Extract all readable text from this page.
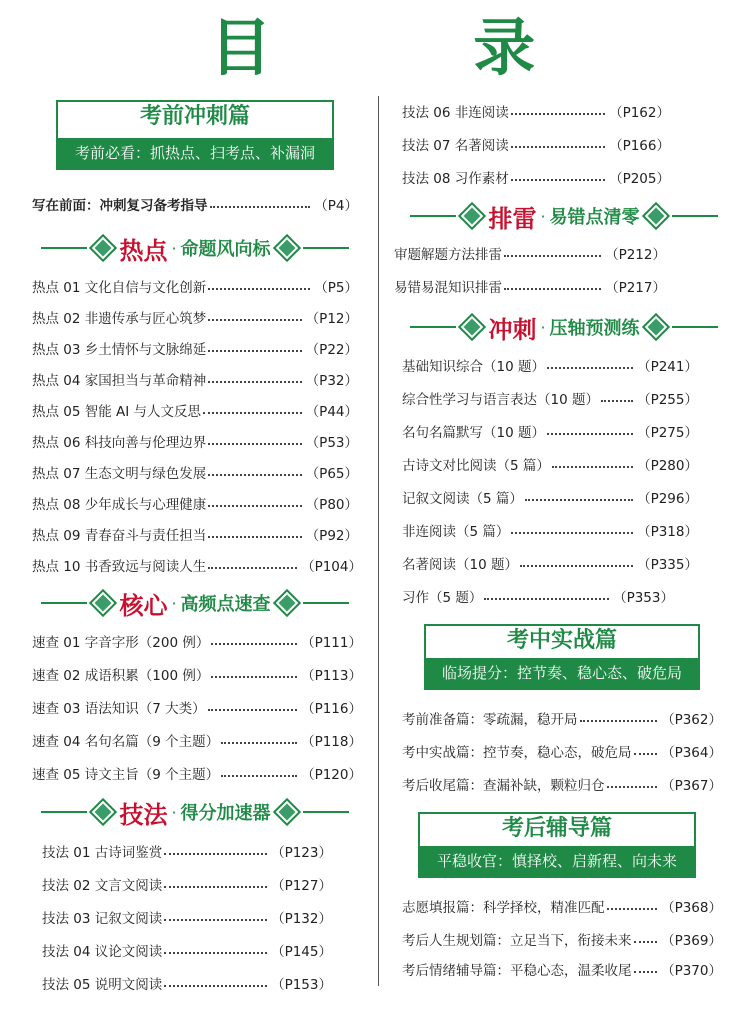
目 录
考前冲刺篇
考前必看：抓热点、扫考点、补漏洞
写在前面：冲刺复习备考指导	（P4）
热点 · 命题风向标
热点 01 文化自信与文化创新	（P5）
热点 02 非遗传承与匠心筑梦	（P12）
热点 03 乡土情怀与文脉绵延	（P22）
热点 04 家国担当与革命精神	（P32）
热点 05 智能 AI 与人文反思	（P44）
热点 06 科技向善与伦理边界	（P53）
热点 07 生态文明与绿色发展	（P65）
热点 08 少年成长与心理健康	（P80）
热点 09 青春奋斗与责任担当	（P92）
热点 10 书香致远与阅读人生	（P104）
核心 · 高频点速查
速查 01 字音字形（200 例）	（P111）
速查 02 成语积累（100 例）	（P113）
速查 03 语法知识（7 大类）	（P116）
速查 04 名句名篇（9 个主题）	（P118）
速查 05 诗文主旨（9 个主题）	（P120）
技法 · 得分加速器
技法 01 古诗词鉴赏	（P123）
技法 02 文言文阅读	（P127）
技法 03 记叙文阅读	（P132）
技法 04 议论文阅读	（P145）
技法 05 说明文阅读	（P153）
技法 06 非连阅读	（P162）
技法 07 名著阅读	（P166）
技法 08 习作素材	（P205）
排雷 · 易错点清零
审题解题方法排雷	（P212）
易错易混知识排雷	（P217）
冲刺 · 压轴预测练
基础知识综合（10 题）	（P241）
综合性学习与语言表达（10 题）	（P255）
名句名篇默写（10 题）	（P275）
古诗文对比阅读（5 篇）	（P280）
记叙文阅读（5 篇）	（P296）
非连阅读（5 篇）	（P318）
名著阅读（10 题）	（P335）
习作（5 题）	（P353）
考中实战篇
临场提分：控节奏、稳心态、破危局
考前准备篇：零疏漏，稳开局	（P362）
考中实战篇：控节奏，稳心态，破危局 （P364）
考后收尾篇：查漏补缺，颗粒归仓	（P367）
考后辅导篇
平稳收官：慎择校、启新程、向未来
志愿填报篇：科学择校，精准匹配	（P368）
考后人生规划篇：立足当下，衔接未来 （P369）
考后情绪辅导篇：平稳心态，温柔收尾 （P370）
